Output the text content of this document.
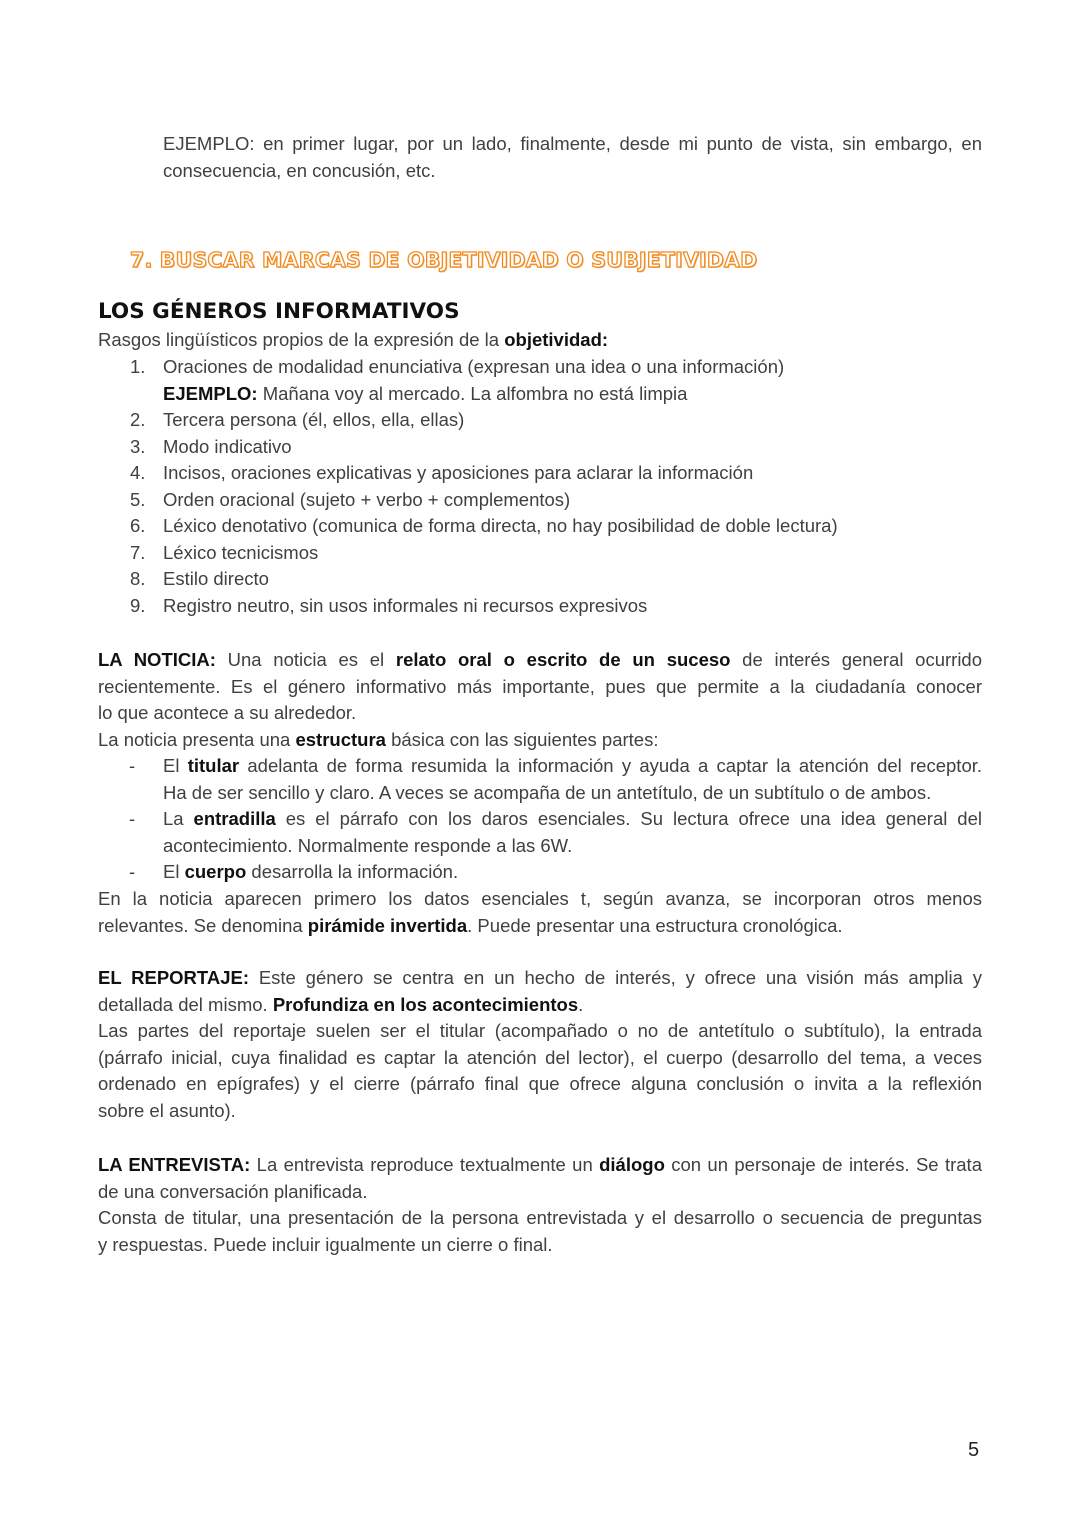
EJEMPLO: en primer lugar, por un lado, finalmente, desde mi punto de vista, sin embargo, en
consecuencia, en concusión, etc.
7. BUSCAR MARCAS DE OBJETIVIDAD O SUBJETIVIDAD
LOS GÉNEROS INFORMATIVOS
Rasgos lingüísticos propios de la expresión de la objetividad:
1. Oraciones de modalidad enunciativa (expresan una idea o una información)
EJEMPLO: Mañana voy al mercado. La alfombra no está limpia
2. Tercera persona (él, ellos, ella, ellas)
3. Modo indicativo
4. Incisos, oraciones explicativas y aposiciones para aclarar la información
5. Orden oracional (sujeto + verbo + complementos)
6. Léxico denotativo (comunica de forma directa, no hay posibilidad de doble lectura)
7. Léxico tecnicismos
8. Estilo directo
9. Registro neutro, sin usos informales ni recursos expresivos
LA NOTICIA: Una noticia es el relato oral o escrito de un suceso de interés general ocurrido
recientemente. Es el género informativo más importante, pues que permite a la ciudadanía conocer
lo que acontece a su alrededor.
La noticia presenta una estructura básica con las siguientes partes:
- El titular adelanta de forma resumida la información y ayuda a captar la atención del receptor.
Ha de ser sencillo y claro. A veces se acompaña de un antetítulo, de un subtítulo o de ambos.
- La entradilla es el párrafo con los daros esenciales. Su lectura ofrece una idea general del
acontecimiento. Normalmente responde a las 6W.
- El cuerpo desarrolla la información.
En la noticia aparecen primero los datos esenciales t, según avanza, se incorporan otros menos
relevantes. Se denomina pirámide invertida. Puede presentar una estructura cronológica.
EL REPORTAJE: Este género se centra en un hecho de interés, y ofrece una visión más amplia y
detallada del mismo. Profundiza en los acontecimientos.
Las partes del reportaje suelen ser el titular (acompañado o no de antetítulo o subtítulo), la entrada
(párrafo inicial, cuya finalidad es captar la atención del lector), el cuerpo (desarrollo del tema, a veces
ordenado en epígrafes) y el cierre (párrafo final que ofrece alguna conclusión o invita a la reflexión
sobre el asunto).
LA ENTREVISTA: La entrevista reproduce textualmente un diálogo con un personaje de interés. Se trata
de una conversación planificada.
Consta de titular, una presentación de la persona entrevistada y el desarrollo o secuencia de preguntas
y respuestas. Puede incluir igualmente un cierre o final.
5
